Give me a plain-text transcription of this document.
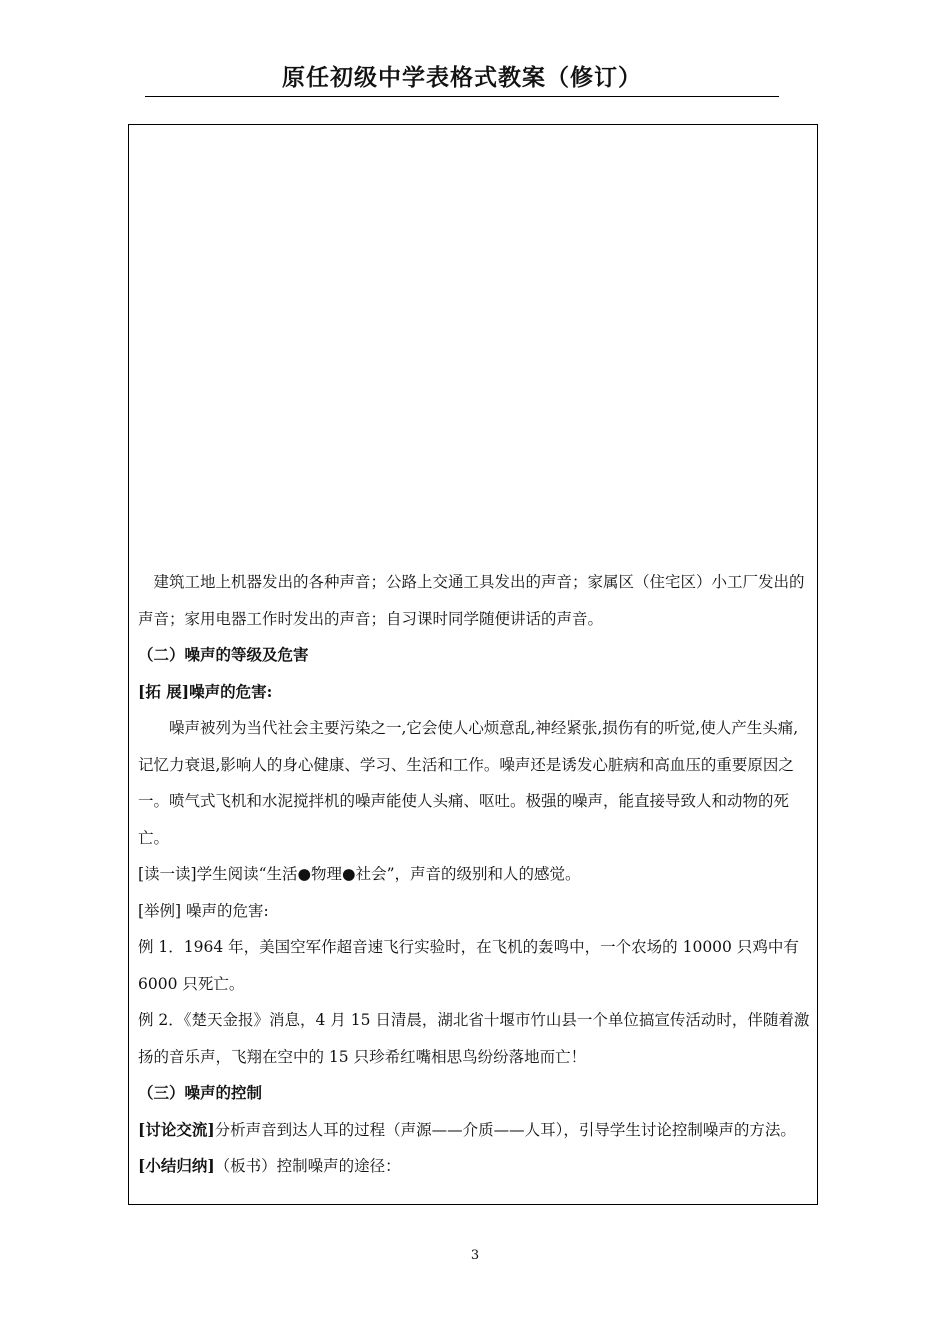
原任初级中学表格式教案（修订）

建筑工地上机器发出的各种声音；公路上交通工具发出的声音；家属区（住宅区）小工厂发出的声音；家用电器工作时发出的声音；自习课时同学随便讲话的声音。

（二）噪声的等级及危害

[拓 展]噪声的危害:

噪声被列为当代社会主要污染之一,它会使人心烦意乱,神经紧张,损伤有的听觉,使人产生头痛,记忆力衰退,影响人的身心健康、学习、生活和工作。噪声还是诱发心脏病和高血压的重要原因之一。喷气式飞机和水泥搅拌机的噪声能使人头痛、呕吐。极强的噪声，能直接导致人和动物的死亡。

[读一读]学生阅读“生活●物理●社会”，声音的级别和人的感觉。

[举例] 噪声的危害:

例 1．1964 年，美国空军作超音速飞行实验时，在飞机的轰鸣中，一个农场的 10000 只鸡中有 6000 只死亡。

例 2．《楚天金报》消息，4 月 15 日清晨，湖北省十堰市竹山县一个单位搞宣传活动时，伴随着激扬的音乐声，飞翔在空中的 15 只珍希红嘴相思鸟纷纷落地而亡！

（三）噪声的控制

[讨论交流]分析声音到达人耳的过程（声源——介质——人耳），引导学生讨论控制噪声的方法。

[小结归纳]（板书）控制噪声的途径：

3
